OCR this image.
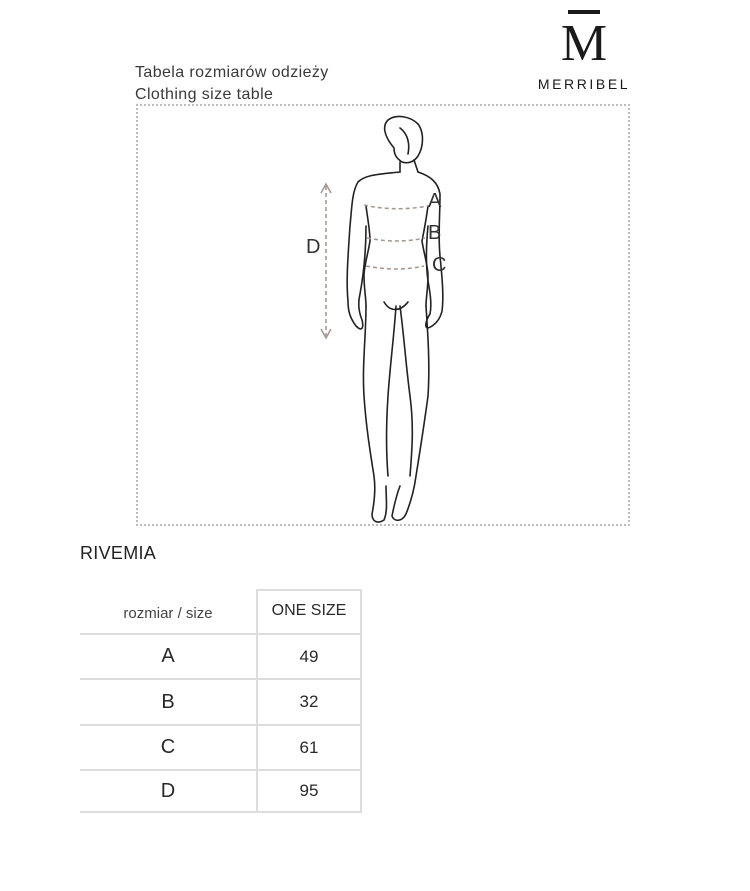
Tabela rozmiarów odzieży
Clothing size table
M
MERRIBEL
A
B
C
D
RIVEMIA
rozmiar / size	ONE SIZE
A	49
B	32
C	61
D	95
